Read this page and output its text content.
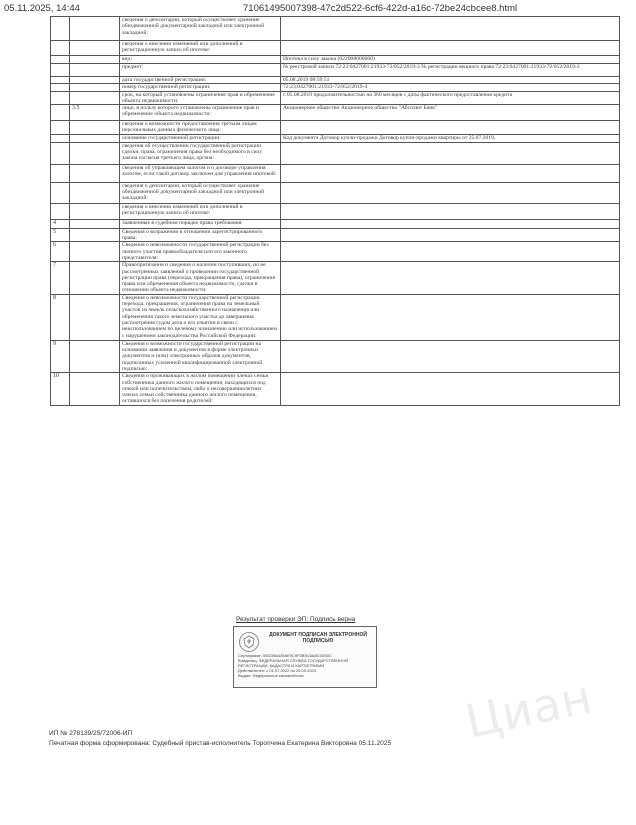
05.11.2025, 14:44	71061495007398-47c2d522-6cf6-422d-a16c-72be24cbcee8.html
		сведения о депозитарии, который осуществляет хранение обездвиженной документарной закладной или электронной закладной:	
		сведения о внесении изменений или дополнений в регистрационную запись об ипотеке:	
		вид:	Ипотека в силу закона (022008000000)
		предмет:	№ реестровой записи 72:23:0427001:21933-72/052/2019-3 № регистрации вещного права 72:23:0427001:21933-72/052/2019-3
		дата государственной регистрации:	05.08.2019 08:59:51
		номер государственной регистрации:	72:23:0427001:21933-72/052/2019-4
		срок, на который установлены ограничение прав и обременение объекта недвижимости:	с 05.08.2019 продолжительностью на 360 месяцев с даты фактического предоставления кредита
	3.5	лицо, в пользу которого установлены ограничение прав и обременение объекта недвижимости:	Акционерное общество Акционерное общество "Абсолют Банк"
		сведения о возможности предоставления третьим лицам персональных данных физического лица:	
		основание государственной регистрации:	Код документа Договор купли-продажи Договор купли-продажи квартиры от 25.07.2019,
		сведения об осуществлении государственной регистрации сделки, права, ограничения права без необходимого в силу закона согласия третьего лица, органа:	
		сведения об управляющем залогом и о договоре управления залогом, если такой договор заключен для управления ипотекой:	
		сведения о депозитарии, который осуществляет хранение обездвиженной документарной закладной или электронной закладной:	
		сведения о внесении изменений или дополнений в регистрационную запись об ипотеке:	
4		Заявленные в судебном порядке права требования:	
5		Сведения о возражении в отношении зарегистрированного права:	
6		Сведения о невозможности государственной регистрации без личного участия правообладателя или его законного представителя:	
7		Правопритязания и сведения о наличии поступивших, но не рассмотренных заявлений о проведении государственной регистрации права (перехода, прекращения права), ограничения права или обременения объекта недвижимости, сделки в отношении объекта недвижимости:	
8		Сведения о невозможности государственной регистрации перехода, прекращения, ограничения права на земельный участок из земель сельскохозяйственного назначения или обременения такого земельного участка до завершения рассмотрения судом дела о его изъятии в связи с неиспользованием по целевому назначению или использованием с нарушением законодательства Российской Федерации:	
9		Сведения о возможности государственной регистрации на основании заявления и документов в форме электронных документов и (или) электронных образов документов, подписанных усиленной квалифицированной электронной подписью:	
10		Сведения о проживающих в жилом помещении членах семьи собственника данного жилого помещения, находящихся под опекой или попечительством, либо о несовершеннолетних членах семьи собственника данного жилого помещения, оставшихся без попечения родителей:	
Результат проверки ЭП: Подпись верна
ДОКУМЕНТ ПОДПИСАН ЭЛЕКТРОННОЙ ПОДПИСЬЮ
Сертификат: 00D2B6A39AE9C9F3B5C6A8C0D00C
Владелец: ФЕДЕРАЛЬНАЯ СЛУЖБА ГОСУДАРСТВЕННОЙ
РЕГИСТРАЦИИ, КАДАСТРА И КАРТОГРАФИИ
Действителен: с 01.07.2022 по 25.09.2023
Выдан: Федеральное казначейство
ИП № 278139/25/72006-ИП
Печатная форма сформирована: Судебный пристав-исполнитель Торопчина Екатерина Викторовна 05.11.2025 Циан
